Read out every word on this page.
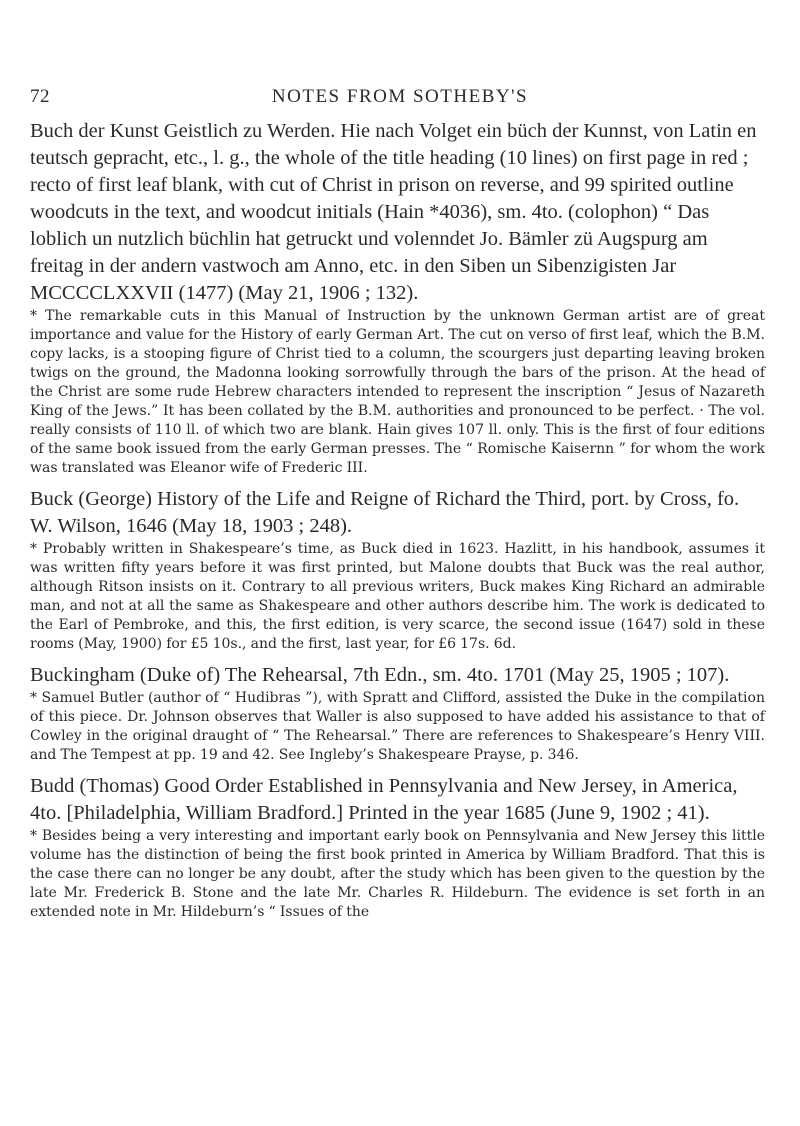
72	NOTES FROM SOTHEBY'S

Buch der Kunst Geistlich zu Werden. Hie nach Volget ein büch der Kunnst, von Latin en teutsch gepracht, etc., l. g., the whole of the title heading (10 lines) on first page in red ; recto of first leaf blank, with cut of Christ in prison on reverse, and 99 spirited outline woodcuts in the text, and woodcut initials (Hain *4036), sm. 4to. (colophon) “ Das loblich un nutzlich büchlin hat getruckt und volenndet Jo. Bämler zü Augspurg am freitag in der andern vastwoch am Anno, etc. in den Siben un Sibenzigisten Jar MCCCCLXXVII (1477) (May 21, 1906 ; 132).

* The remarkable cuts in this Manual of Instruction by the unknown German artist are of great importance and value for the History of early German Art. The cut on verso of first leaf, which the B.M. copy lacks, is a stooping figure of Christ tied to a column, the scourgers just departing leaving broken twigs on the ground, the Madonna looking sorrowfully through the bars of the prison. At the head of the Christ are some rude Hebrew characters intended to represent the inscription “ Jesus of Nazareth King of the Jews.” It has been collated by the B.M. authorities and pronounced to be perfect. · The vol. really consists of 110 ll. of which two are blank. Hain gives 107 ll. only. This is the first of four editions of the same book issued from the early German presses. The “ Romische Kaisernn ” for whom the work was translated was Eleanor wife of Frederic III.

Buck (George) History of the Life and Reigne of Richard the Third, port. by Cross, fo. W. Wilson, 1646 (May 18, 1903 ; 248).

* Probably written in Shakespeare’s time, as Buck died in 1623. Hazlitt, in his handbook, assumes it was written fifty years before it was first printed, but Malone doubts that Buck was the real author, although Ritson insists on it. Contrary to all previous writers, Buck makes King Richard an admirable man, and not at all the same as Shakespeare and other authors describe him. The work is dedicated to the Earl of Pembroke, and this, the first edition, is very scarce, the second issue (1647) sold in these rooms (May, 1900) for £5 10s., and the first, last year, for £6 17s. 6d.

Buckingham (Duke of) The Rehearsal, 7th Edn., sm. 4to. 1701 (May 25, 1905 ; 107).

* Samuel Butler (author of “ Hudibras ”), with Spratt and Clifford, assisted the Duke in the compilation of this piece. Dr. Johnson observes that Waller is also supposed to have added his assistance to that of Cowley in the original draught of “ The Rehearsal.” There are references to Shakespeare’s Henry VIII. and The Tempest at pp. 19 and 42. See Ingleby’s Shakespeare Prayse, p. 346.

Budd (Thomas) Good Order Established in Pennsylvania and New Jersey, in America, 4to. [Philadelphia, William Bradford.] Printed in the year 1685 (June 9, 1902 ; 41).

* Besides being a very interesting and important early book on Pennsylvania and New Jersey this little volume has the distinction of being the first book printed in America by William Bradford. That this is the case there can no longer be any doubt, after the study which has been given to the question by the late Mr. Frederick B. Stone and the late Mr. Charles R. Hildeburn. The evidence is set forth in an extended note in Mr. Hildeburn’s “ Issues of the
